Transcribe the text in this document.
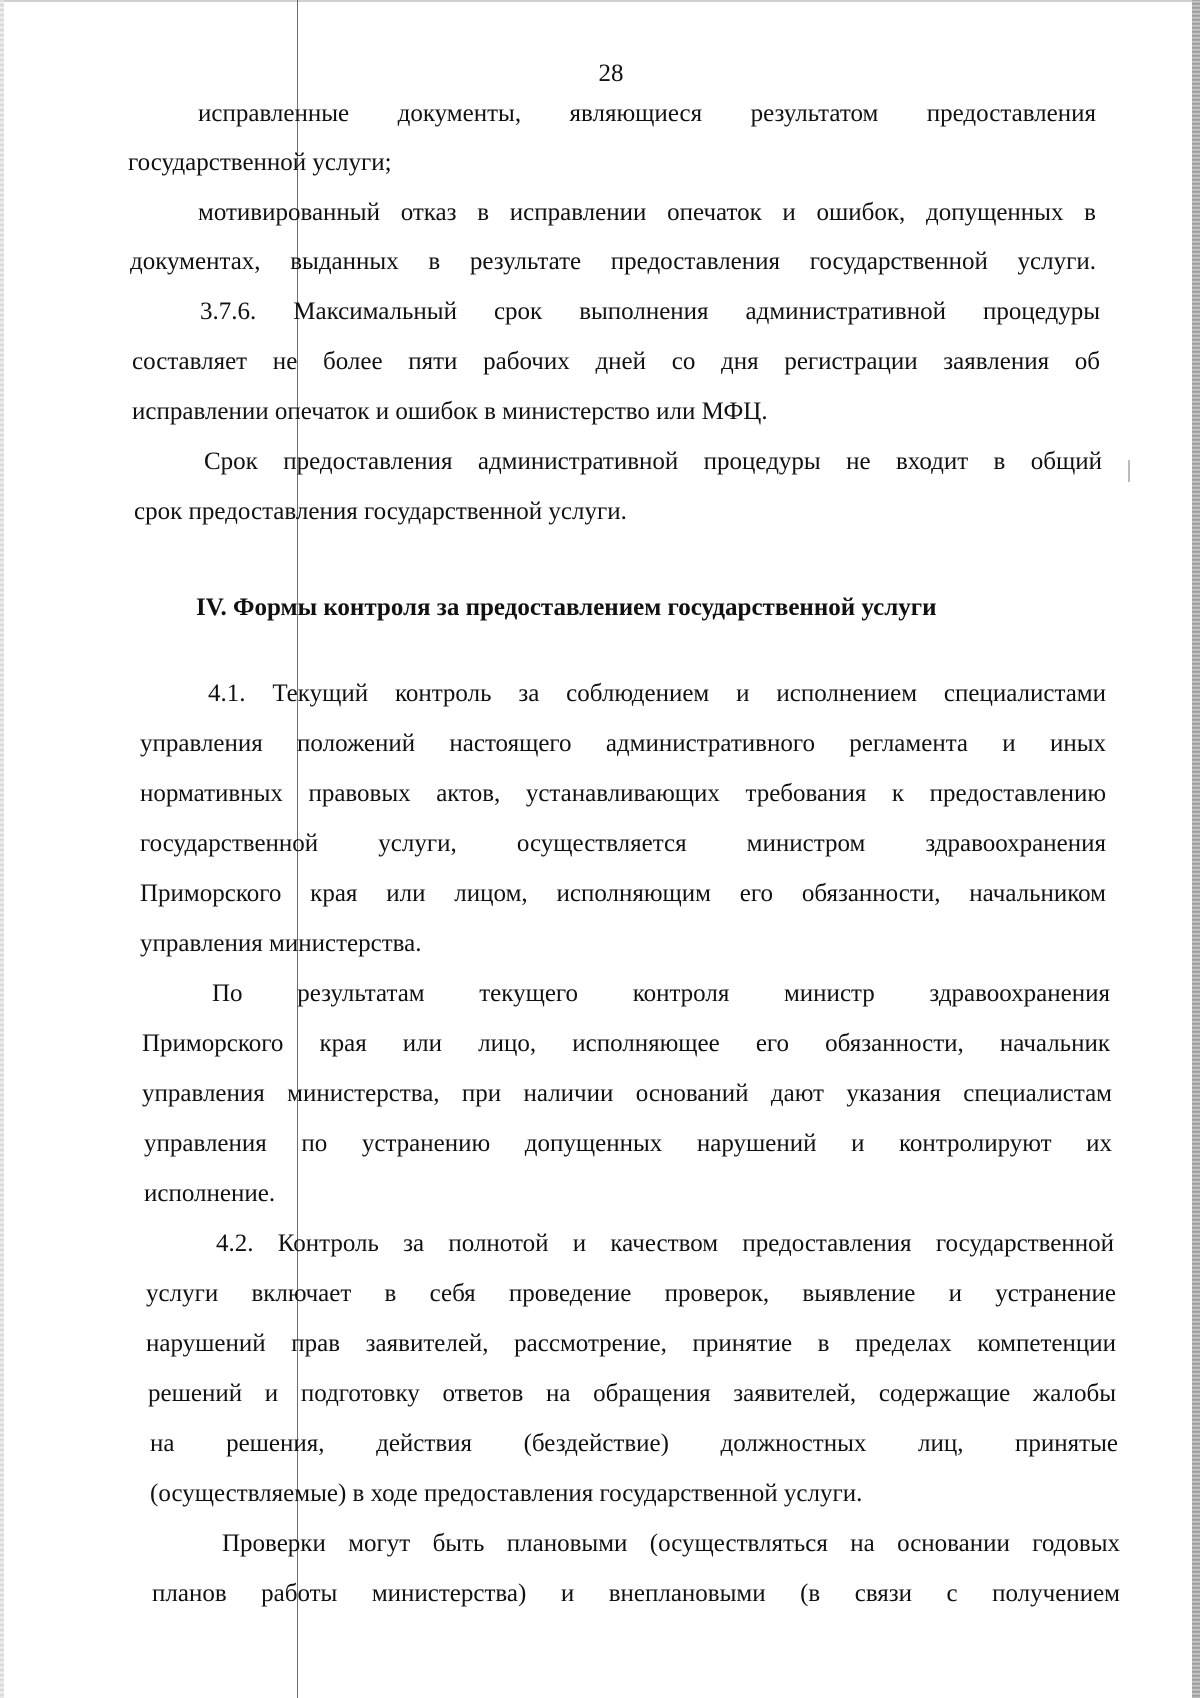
28
исправленные документы, являющиеся результатом предоставления
государственной услуги;
мотивированный отказ в исправлении опечаток и ошибок, допущенных в
документах, выданных в результате предоставления государственной услуги.
3.7.6. Максимальный срок выполнения административной процедуры
составляет не более пяти рабочих дней со дня регистрации заявления об
исправлении опечаток и ошибок в министерство или МФЦ.
Срок предоставления административной процедуры не входит в общий
срок предоставления государственной услуги.
IV. Формы контроля за предоставлением государственной услуги
4.1. Текущий контроль за соблюдением и исполнением специалистами
управления положений настоящего административного регламента и иных
нормативных правовых актов, устанавливающих требования к предоставлению
государственной услуги, осуществляется министром здравоохранения
Приморского края или лицом, исполняющим его обязанности, начальником
управления министерства.
По результатам текущего контроля министр здравоохранения
Приморского края или лицо, исполняющее его обязанности, начальник
управления министерства, при наличии оснований дают указания специалистам
управления по устранению допущенных нарушений и контролируют их
исполнение.
4.2. Контроль за полнотой и качеством предоставления государственной
услуги включает в себя проведение проверок, выявление и устранение
нарушений прав заявителей, рассмотрение, принятие в пределах компетенции
решений и подготовку ответов на обращения заявителей, содержащие жалобы
на решения, действия (бездействие) должностных лиц, принятые
(осуществляемые) в ходе предоставления государственной услуги.
Проверки могут быть плановыми (осуществляться на основании годовых
планов работы министерства) и внеплановыми (в связи с получением
